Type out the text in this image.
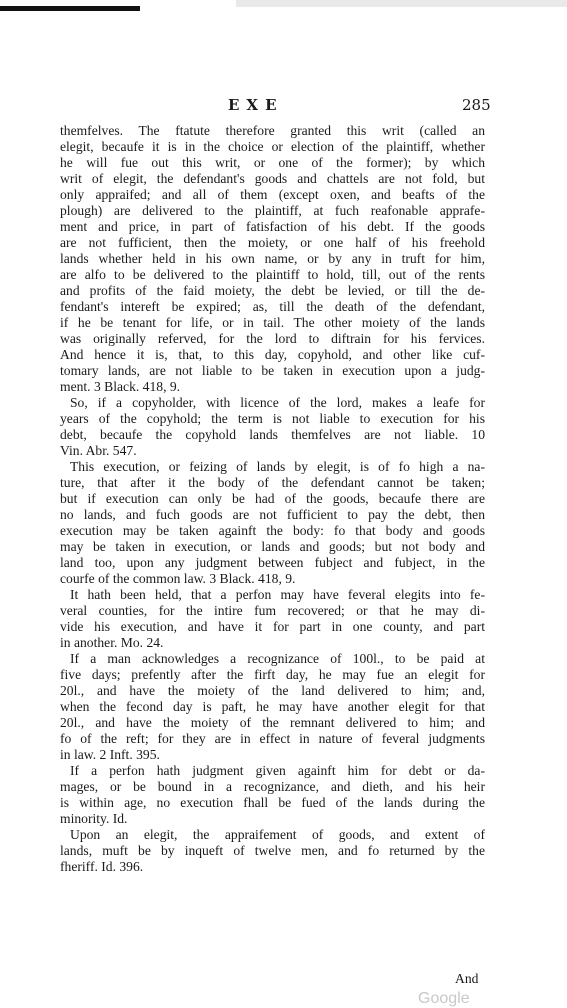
EXE	285
themfelves. The ftatute therefore granted this writ (called an
elegit, becaufe it is in the choice or election of the plaintiff, whether
he will fue out this writ, or one of the former); by which
writ of elegit, the defendant's goods and chattels are not fold, but
only appraifed; and all of them (except oxen, and beafts of the
plough) are delivered to the plaintiff, at fuch reafonable apprafe-
ment and price, in part of fatisfaction of his debt. If the goods
are not fufficient, then the moiety, or one half of his freehold
lands whether held in his own name, or by any in truft for him,
are alfo to be delivered to the plaintiff to hold, till, out of the rents
and profits of the faid moiety, the debt be levied, or till the de-
fendant's intereft be expired; as, till the death of the defendant,
if he be tenant for life, or in tail. The other moiety of the lands
was originally referved, for the lord to diftrain for his fervices.
And hence it is, that, to this day, copyhold, and other like cuf-
tomary lands, are not liable to be taken in execution upon a judg-
ment. 3 Black. 418, 9.
So, if a copyholder, with licence of the lord, makes a leafe for
years of the copyhold; the term is not liable to execution for his
debt, becaufe the copyhold lands themfelves are not liable. 10
Vin. Abr. 547.
This execution, or feizing of lands by elegit, is of fo high a na-
ture, that after it the body of the defendant cannot be taken;
but if execution can only be had of the goods, becaufe there are
no lands, and fuch goods are not fufficient to pay the debt, then
execution may be taken againft the body: fo that body and goods
may be taken in execution, or lands and goods; but not body and
land too, upon any judgment between fubject and fubject, in the
courfe of the common law. 3 Black. 418, 9.
It hath been held, that a perfon may have feveral elegits into fe-
veral counties, for the intire fum recovered; or that he may di-
vide his execution, and have it for part in one county, and part
in another. Mo. 24.
If a man acknowledges a recognizance of 100l., to be paid at
five days; prefently after the firft day, he may fue an elegit for
20l., and have the moiety of the land delivered to him; and,
when the fecond day is paft, he may have another elegit for that
20l., and have the moiety of the remnant delivered to him; and
fo of the reft; for they are in effect in nature of feveral judgments
in law. 2 Inft. 395.
If a perfon hath judgment given againft him for debt or da-
mages, or be bound in a recognizance, and dieth, and his heir
is within age, no execution fhall be fued of the lands during the
minority. Id.
Upon an elegit, the appraifement of goods, and extent of
lands, muft be by inqueft of twelve men, and fo returned by the
fheriff. Id. 396.
And
Google
